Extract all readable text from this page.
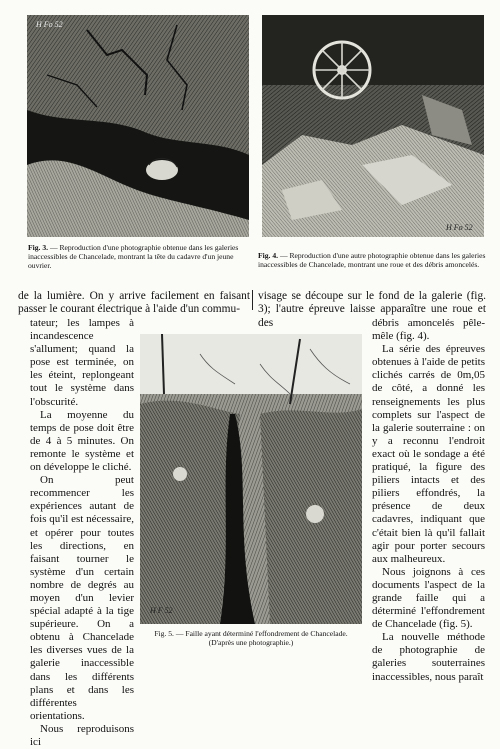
H Fo 52
H Fo 52
Fig. 3. — Reproduction d'une photographie obtenue dans les galeries inaccessibles de Chancelade, montrant la tête du cadavre d'un jeune ouvrier.
Fig. 4. — Reproduction d'une autre photographie obtenue dans les galeries inaccessibles de Chancelade, montrant une roue et des débris amoncelés.

de la lumière. On y arrive facilement en faisant passer le courant électrique à l'aide d'un commu-

tateur; les lampes à incandescence s'allument; quand la pose est terminée, on les éteint, replongeant tout le système dans l'obscurité.

La moyenne du temps de pose doit être de 4 à 5 minutes. On remonte le système et on développe le cliché.

On peut recommencer les expériences autant de fois qu'il est nécessaire, et opérer pour toutes les directions, en faisant tourner le système d'un certain nombre de degrés au moyen d'un levier spécial adapté à la tige supérieure. On a obtenu à Chancelade les diverses vues de la galerie inaccessible dans les différents plans et dans les différentes orientations.

Nous reproduisons ici

visage se découpe sur le fond de la galerie (fig. 3); l'autre épreuve laisse apparaître une roue et des	débris amoncelés pêle-mêle (fig. 4).

La série des épreuves obtenues à l'aide de petits clichés carrés de 0m,05 de côté, a donné les renseignements les plus complets sur l'aspect de la galerie souterraine : on y a reconnu l'endroit exact où le sondage a été pratiqué, la figure des piliers intacts et des piliers effondrés, la présence de deux cadavres, indiquant que c'était bien là qu'il fallait agir pour porter secours aux malheureux.

Nous joignons à ces documents l'aspect de la grande faille qui a déterminé l'effondrement de Chancelade (fig. 5).

La nouvelle méthode de photographie de galeries souterraines inaccessibles, nous paraît

H F 52
Fig. 5. — Faille ayant déterminé l'effondrement de Chancelade.
(D'après une photographie.)
